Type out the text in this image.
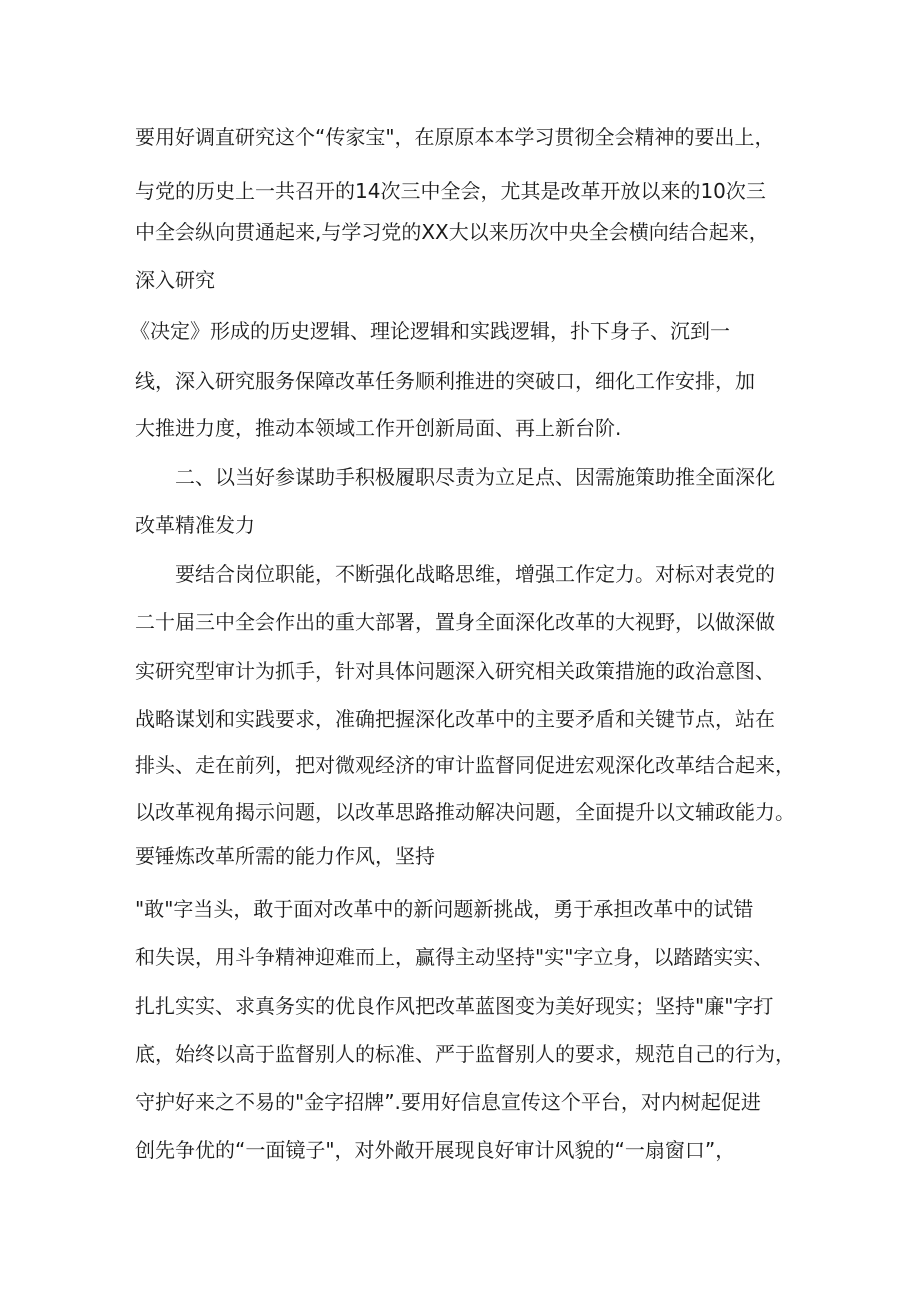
要用好调直研究这个“传家宝"，在原原本本学习贯彻全会精神的要出上，

与党的历史上一共召开的14次三中全会，尤其是改革开放以来的10次三

中全会纵向贯通起来,与学习党的XX大以来历次中央全会横向结合起来，

深入研究

《决定》形成的历史逻辑、理论逻辑和实践逻辑，扑下身子、沉到一

线，深入研究服务保障改革任务顺利推进的突破口，细化工作安排，加

大推进力度，推动本领域工作开创新局面、再上新台阶.

二、以当好参谋助手积极履职尽责为立足点、因需施策助推全面深化

改革精准发力

要结合岗位职能，不断强化战略思维，增强工作定力。对标对表党的

二十届三中全会作出的重大部署，置身全面深化改革的大视野，以做深做

实研究型审计为抓手，针对具体问题深入研究相关政策措施的政治意图、

战略谋划和实践要求，准确把握深化改革中的主要矛盾和关键节点，站在

排头、走在前列，把对微观经济的审计监督同促进宏观深化改革结合起来，

以改革视角揭示问题，以改革思路推动解决问题，全面提升以文辅政能力。

要锤炼改革所需的能力作风，坚持

"敢"字当头，敢于面对改革中的新问题新挑战，勇于承担改革中的试错

和失误，用斗争精神迎难而上，赢得主动坚持"实"字立身，以踏踏实实、

扎扎实实、求真务实的优良作风把改革蓝图变为美好现实；坚持"廉"字打

底，始终以高于监督别人的标准、严于监督别人的要求，规范自己的行为，

守护好来之不易的"金字招牌”.要用好信息宣传这个平台，对内树起促进

创先争优的“一面镜子"，对外敞开展现良好审计风貌的“一扇窗口”，
